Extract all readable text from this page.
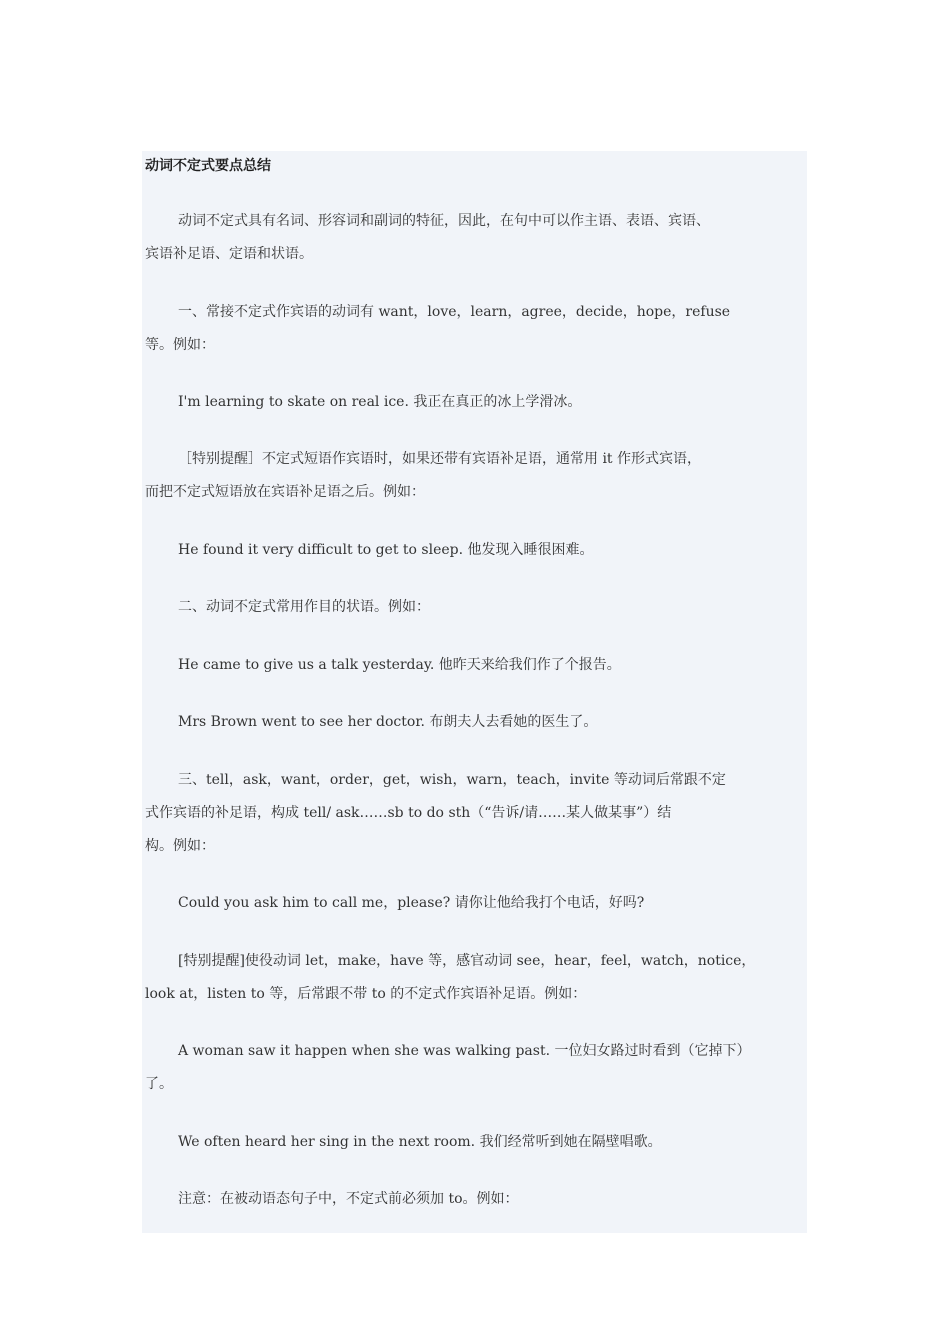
动词不定式要点总结
动词不定式具有名词、形容词和副词的特征，因此，在句中可以作主语、表语、宾语、
宾语补足语、定语和状语。
一、常接不定式作宾语的动词有 want，love，learn，agree，decide，hope，refuse
等。例如：
I'm learning to skate on real ice. 我正在真正的冰上学滑冰。
［特别提醒］不定式短语作宾语时，如果还带有宾语补足语，通常用 it 作形式宾语，
而把不定式短语放在宾语补足语之后。例如：
He found it very difficult to get to sleep. 他发现入睡很困难。
二、动词不定式常用作目的状语。例如：
He came to give us a talk yesterday. 他昨天来给我们作了个报告。
Mrs Brown went to see her doctor. 布朗夫人去看她的医生了。
三、tell，ask，want，order，get，wish，warn，teach，invite 等动词后常跟不定
式作宾语的补足语，构成 tell/ ask……sb to do sth（“告诉/请……某人做某事”）结
构。例如：
Could you ask him to call me，please? 请你让他给我打个电话，好吗?
[特别提醒]使役动词 let，make，have 等，感官动词 see，hear，feel，watch，notice，
look at，listen to 等，后常跟不带 to 的不定式作宾语补足语。例如：
A woman saw it happen when she was walking past. 一位妇女路过时看到（它掉下）
了。
We often heard her sing in the next room. 我们经常听到她在隔壁唱歌。
注意：在被动语态句子中，不定式前必须加 to。例如：
